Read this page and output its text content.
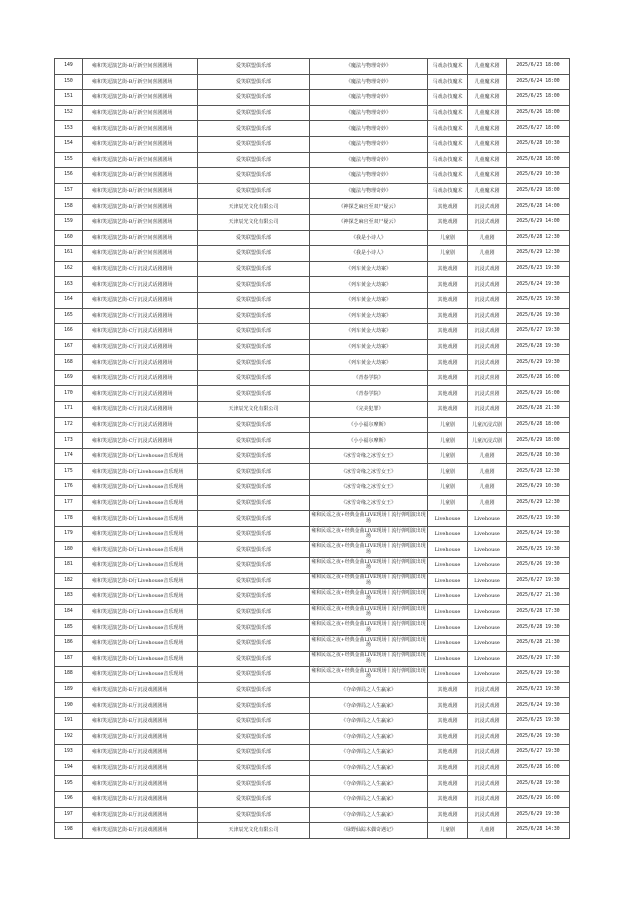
149	雍和笑逗演艺街-B厅新空间喜剧剧场	爱笑联盟俱乐部	《魔法与物理奇妙》	马戏杂技魔术	儿童魔术剧	2025/6/23 18:00
150	雍和笑逗演艺街-B厅新空间喜剧剧场	爱笑联盟俱乐部	《魔法与物理奇妙》	马戏杂技魔术	儿童魔术剧	2025/6/24 18:00
151	雍和笑逗演艺街-B厅新空间喜剧剧场	爱笑联盟俱乐部	《魔法与物理奇妙》	马戏杂技魔术	儿童魔术剧	2025/6/25 18:00
152	雍和笑逗演艺街-B厅新空间喜剧剧场	爱笑联盟俱乐部	《魔法与物理奇妙》	马戏杂技魔术	儿童魔术剧	2025/6/26 18:00
153	雍和笑逗演艺街-B厅新空间喜剧剧场	爱笑联盟俱乐部	《魔法与物理奇妙》	马戏杂技魔术	儿童魔术剧	2025/6/27 18:00
154	雍和笑逗演艺街-B厅新空间喜剧剧场	爱笑联盟俱乐部	《魔法与物理奇妙》	马戏杂技魔术	儿童魔术剧	2025/6/28 10:30
155	雍和笑逗演艺街-B厅新空间喜剧剧场	爱笑联盟俱乐部	《魔法与物理奇妙》	马戏杂技魔术	儿童魔术剧	2025/6/28 18:00
156	雍和笑逗演艺街-B厅新空间喜剧剧场	爱笑联盟俱乐部	《魔法与物理奇妙》	马戏杂技魔术	儿童魔术剧	2025/6/29 10:30
157	雍和笑逗演艺街-B厅新空间喜剧剧场	爱笑联盟俱乐部	《魔法与物理奇妙》	马戏杂技魔术	儿童魔术剧	2025/6/29 18:00
158	雍和笑逗演艺街-B厅新空间喜剧剧场	天津辰光文化有限公司	《神探芝麻官至双尸疑云》	其他戏剧	沉浸式戏剧	2025/6/28 14:00
159	雍和笑逗演艺街-B厅新空间喜剧剧场	天津辰光文化有限公司	《神探芝麻官至双尸疑云》	其他戏剧	沉浸式戏剧	2025/6/29 14:00
160	雍和笑逗演艺街-B厅新空间喜剧剧场	爱笑联盟俱乐部	《我是小诗人》	儿童剧	儿童剧	2025/6/28 12:30
161	雍和笑逗演艺街-B厅新空间喜剧剧场	爱笑联盟俱乐部	《我是小诗人》	儿童剧	儿童剧	2025/6/29 12:30
162	雍和笑逗演艺街-C厅沉浸式话剧剧场	爱笑联盟俱乐部	《列车黄金大劫案》	其他戏剧	沉浸式戏剧	2025/6/23 19:30
163	雍和笑逗演艺街-C厅沉浸式话剧剧场	爱笑联盟俱乐部	《列车黄金大劫案》	其他戏剧	沉浸式戏剧	2025/6/24 19:30
164	雍和笑逗演艺街-C厅沉浸式话剧剧场	爱笑联盟俱乐部	《列车黄金大劫案》	其他戏剧	沉浸式戏剧	2025/6/25 19:30
165	雍和笑逗演艺街-C厅沉浸式话剧剧场	爱笑联盟俱乐部	《列车黄金大劫案》	其他戏剧	沉浸式戏剧	2025/6/26 19:30
166	雍和笑逗演艺街-C厅沉浸式话剧剧场	爱笑联盟俱乐部	《列车黄金大劫案》	其他戏剧	沉浸式戏剧	2025/6/27 19:30
167	雍和笑逗演艺街-C厅沉浸式话剧剧场	爱笑联盟俱乐部	《列车黄金大劫案》	其他戏剧	沉浸式戏剧	2025/6/28 19:30
168	雍和笑逗演艺街-C厅沉浸式话剧剧场	爱笑联盟俱乐部	《列车黄金大劫案》	其他戏剧	沉浸式戏剧	2025/6/29 19:30
169	雍和笑逗演艺街-C厅沉浸式话剧剧场	爱笑联盟俱乐部	《青春学院》	其他戏剧	沉浸式喜剧	2025/6/28 16:00
170	雍和笑逗演艺街-C厅沉浸式话剧剧场	爱笑联盟俱乐部	《青春学院》	其他戏剧	沉浸式喜剧	2025/6/29 16:00
171	雍和笑逗演艺街-C厅沉浸式话剧剧场	天津辰光文化有限公司	《完美犯罪》	其他戏剧	沉浸式戏剧	2025/6/28 21:30
172	雍和笑逗演艺街-C厅沉浸式话剧剧场	爱笑联盟俱乐部	《小小福尔摩斯》	儿童剧	儿童沉浸式剧	2025/6/28 18:00
173	雍和笑逗演艺街-C厅沉浸式话剧剧场	爱笑联盟俱乐部	《小小福尔摩斯》	儿童剧	儿童沉浸式剧	2025/6/29 18:00
174	雍和笑逗演艺街-D厅Livehouse音乐现场	爱笑联盟俱乐部	《冰雪奇缘之冰雪女王》	儿童剧	儿童剧	2025/6/28 10:30
175	雍和笑逗演艺街-D厅Livehouse音乐现场	爱笑联盟俱乐部	《冰雪奇缘之冰雪女王》	儿童剧	儿童剧	2025/6/28 12:30
176	雍和笑逗演艺街-D厅Livehouse音乐现场	爱笑联盟俱乐部	《冰雪奇缘之冰雪女王》	儿童剧	儿童剧	2025/6/29 10:30
177	雍和笑逗演艺街-D厅Livehouse音乐现场	爱笑联盟俱乐部	《冰雪奇缘之冰雪女王》	儿童剧	儿童剧	2025/6/29 12:30
178	雍和笑逗演艺街-D厅Livehouse音乐现场	爱笑联盟俱乐部	雍和民谣之夜+经典金曲LIVE现场丨流行弹唱演出现场	Livehouse	Livehouse	2025/6/23 19:30
179	雍和笑逗演艺街-D厅Livehouse音乐现场	爱笑联盟俱乐部	雍和民谣之夜+经典金曲LIVE现场丨流行弹唱演出现场	Livehouse	Livehouse	2025/6/24 19:30
180	雍和笑逗演艺街-D厅Livehouse音乐现场	爱笑联盟俱乐部	雍和民谣之夜+经典金曲LIVE现场丨流行弹唱演出现场	Livehouse	Livehouse	2025/6/25 19:30
181	雍和笑逗演艺街-D厅Livehouse音乐现场	爱笑联盟俱乐部	雍和民谣之夜+经典金曲LIVE现场丨流行弹唱演出现场	Livehouse	Livehouse	2025/6/26 19:30
182	雍和笑逗演艺街-D厅Livehouse音乐现场	爱笑联盟俱乐部	雍和民谣之夜+经典金曲LIVE现场丨流行弹唱演出现场	Livehouse	Livehouse	2025/6/27 19:30
183	雍和笑逗演艺街-D厅Livehouse音乐现场	爱笑联盟俱乐部	雍和民谣之夜+经典金曲LIVE现场丨流行弹唱演出现场	Livehouse	Livehouse	2025/6/27 21:30
184	雍和笑逗演艺街-D厅Livehouse音乐现场	爱笑联盟俱乐部	雍和民谣之夜+经典金曲LIVE现场丨流行弹唱演出现场	Livehouse	Livehouse	2025/6/28 17:30
185	雍和笑逗演艺街-D厅Livehouse音乐现场	爱笑联盟俱乐部	雍和民谣之夜+经典金曲LIVE现场丨流行弹唱演出现场	Livehouse	Livehouse	2025/6/28 19:30
186	雍和笑逗演艺街-D厅Livehouse音乐现场	爱笑联盟俱乐部	雍和民谣之夜+经典金曲LIVE现场丨流行弹唱演出现场	Livehouse	Livehouse	2025/6/28 21:30
187	雍和笑逗演艺街-D厅Livehouse音乐现场	爱笑联盟俱乐部	雍和民谣之夜+经典金曲LIVE现场丨流行弹唱演出现场	Livehouse	Livehouse	2025/6/29 17:30
188	雍和笑逗演艺街-D厅Livehouse音乐现场	爱笑联盟俱乐部	雍和民谣之夜+经典金曲LIVE现场丨流行弹唱演出现场	Livehouse	Livehouse	2025/6/29 19:30
189	雍和笑逗演艺街-E厅沉浸戏剧剧场	爱笑联盟俱乐部	《夺命弹局之人生赢家》	其他戏剧	沉浸式戏剧	2025/6/23 19:30
190	雍和笑逗演艺街-E厅沉浸戏剧剧场	爱笑联盟俱乐部	《夺命弹局之人生赢家》	其他戏剧	沉浸式戏剧	2025/6/24 19:30
191	雍和笑逗演艺街-E厅沉浸戏剧剧场	爱笑联盟俱乐部	《夺命弹局之人生赢家》	其他戏剧	沉浸式戏剧	2025/6/25 19:30
192	雍和笑逗演艺街-E厅沉浸戏剧剧场	爱笑联盟俱乐部	《夺命弹局之人生赢家》	其他戏剧	沉浸式戏剧	2025/6/26 19:30
193	雍和笑逗演艺街-E厅沉浸戏剧剧场	爱笑联盟俱乐部	《夺命弹局之人生赢家》	其他戏剧	沉浸式戏剧	2025/6/27 19:30
194	雍和笑逗演艺街-E厅沉浸戏剧剧场	爱笑联盟俱乐部	《夺命弹局之人生赢家》	其他戏剧	沉浸式戏剧	2025/6/28 16:00
195	雍和笑逗演艺街-E厅沉浸戏剧剧场	爱笑联盟俱乐部	《夺命弹局之人生赢家》	其他戏剧	沉浸式戏剧	2025/6/28 19:30
196	雍和笑逗演艺街-E厅沉浸戏剧剧场	爱笑联盟俱乐部	《夺命弹局之人生赢家》	其他戏剧	沉浸式戏剧	2025/6/29 16:00
197	雍和笑逗演艺街-E厅沉浸戏剧剧场	爱笑联盟俱乐部	《夺命弹局之人生赢家》	其他戏剧	沉浸式戏剧	2025/6/29 19:30
198	雍和笑逗演艺街-E厅沉浸戏剧剧场	天津辰光文化有限公司	《绿野仙踪木偶奇遇记》	儿童剧	儿童剧	2025/6/28 14:30
